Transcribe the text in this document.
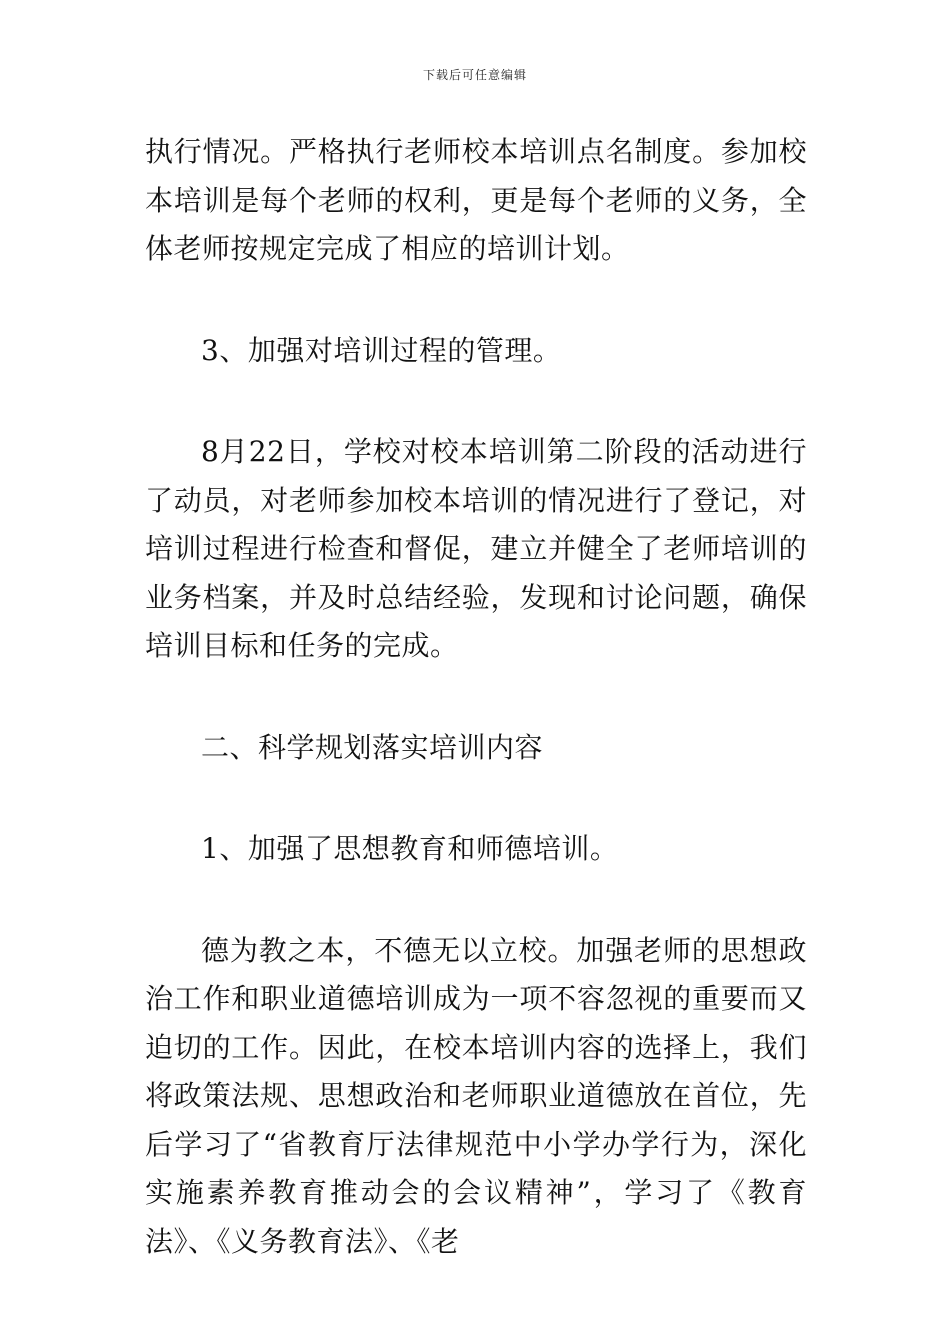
下载后可任意编辑

执行情况。严格执行老师校本培训点名制度。参加校本培训是每个老师的权利，更是每个老师的义务，全体老师按规定完成了相应的培训计划。

3、加强对培训过程的管理。

8月22日，学校对校本培训第二阶段的活动进行了动员，对老师参加校本培训的情况进行了登记，对培训过程进行检查和督促，建立并健全了老师培训的业务档案，并及时总结经验，发现和讨论问题，确保培训目标和任务的完成。

二、科学规划落实培训内容

1、加强了思想教育和师德培训。

德为教之本，不德无以立校。加强老师的思想政治工作和职业道德培训成为一项不容忽视的重要而又迫切的工作。因此，在校本培训内容的选择上，我们将政策法规、思想政治和老师职业道德放在首位，先后学习了“省教育厅法律规范中小学办学行为，深化实施素养教育推动会的会议精神”，学习了《教育法》、《义务教育法》、《老
